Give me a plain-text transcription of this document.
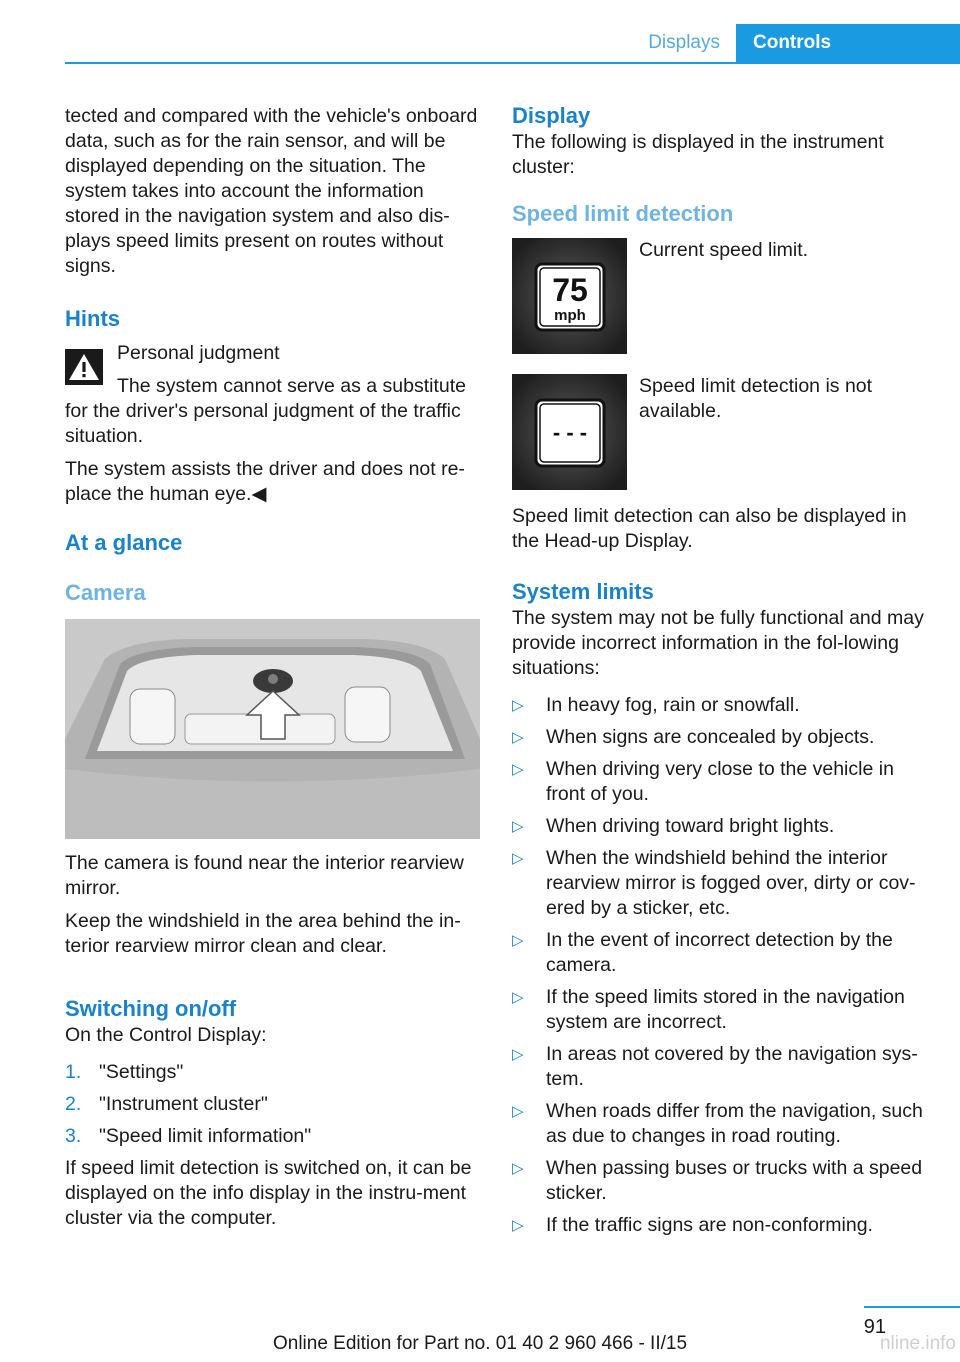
Displays	Controls

tected and compared with the vehicle's onboard data, such as for the rain sensor, and will be displayed depending on the situation. The system takes into account the information stored in the navigation system and also dis-plays speed limits present on routes without signs.

Hints

Personal judgment

The system cannot serve as a substitute for the driver's personal judgment of the traffic situation.

The system assists the driver and does not re-place the human eye.◀

At a glance
Camera

The camera is found near the interior rearview mirror.

Keep the windshield in the area behind the in-terior rearview mirror clean and clear.

Switching on/off

On the Control Display:

1. "Settings"
2. "Instrument cluster"
3. "Speed limit information"

If speed limit detection is switched on, it can be displayed on the info display in the instru-ment cluster via the computer.

Display

The following is displayed in the instrument cluster:

Speed limit detection
75
mph
Current speed limit.
- - -
Speed limit detection is not available.

Speed limit detection can also be displayed in the Head-up Display.

System limits

The system may not be fully functional and may provide incorrect information in the fol-lowing situations:

▷ In heavy fog, rain or snowfall.
▷ When signs are concealed by objects.
▷ When driving very close to the vehicle in front of you.
▷ When driving toward bright lights.
▷ When the windshield behind the interior rearview mirror is fogged over, dirty or cov-ered by a sticker, etc.
▷ In the event of incorrect detection by the camera.
▷ If the speed limits stored in the navigation system are incorrect.
▷ In areas not covered by the navigation sys-tem.
▷ When roads differ from the navigation, such as due to changes in road routing.
▷ When passing buses or trucks with a speed sticker.
▷ If the traffic signs are non-conforming.
91
Online Edition for Part no. 01 40 2 960 466 - II/15	nline.info
